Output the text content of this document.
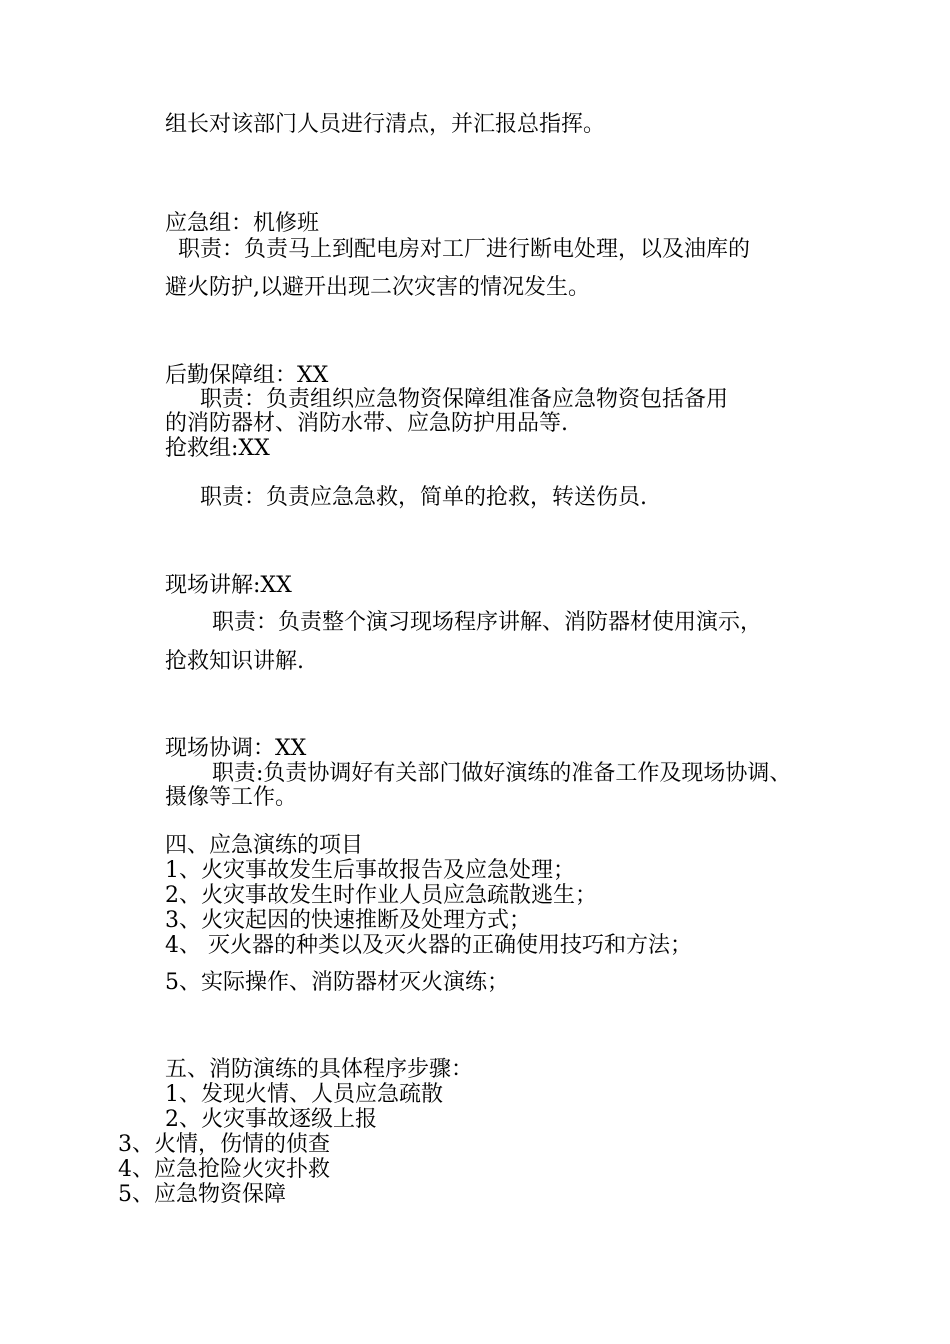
组长对该部门人员进行清点，并汇报总指挥。

应急组：机修班

职责：负责马上到配电房对工厂进行断电处理，以及油库的

避火防护,以避开出现二次灾害的情况发生。

后勤保障组：XX

职责：负责组织应急物资保障组准备应急物资包括备用

的消防器材、消防水带、应急防护用品等.

抢救组:XX

职责：负责应急急救，简单的抢救，转送伤员.

现场讲解:XX

职责：负责整个演习现场程序讲解、消防器材使用演示，

抢救知识讲解.

现场协调：XX

职责:负责协调好有关部门做好演练的准备工作及现场协调、

摄像等工作。

四、应急演练的项目

1、火灾事故发生后事故报告及应急处理；

2、火灾事故发生时作业人员应急疏散逃生；

3、火灾起因的快速推断及处理方式；

4、 灭火器的种类以及灭火器的正确使用技巧和方法；

5、实际操作、消防器材灭火演练；

五、消防演练的具体程序步骤：

1、发现火情、人员应急疏散

2、火灾事故逐级上报

3、火情，伤情的侦查

4、应急抢险火灾扑救

5、应急物资保障
